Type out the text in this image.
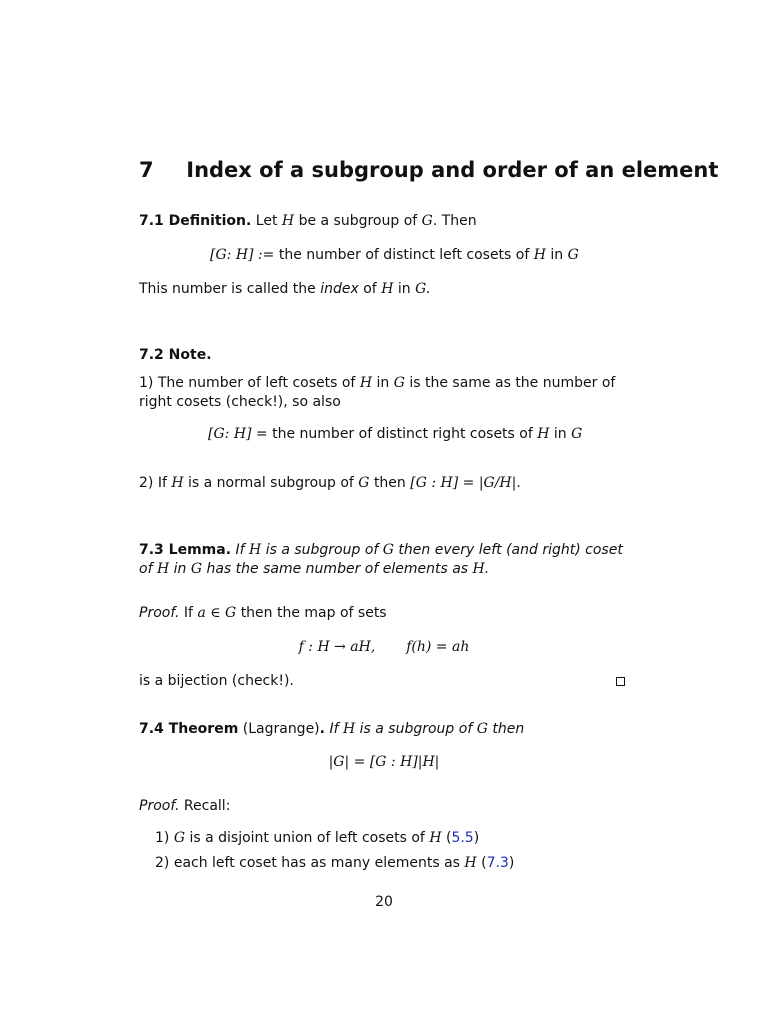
7 Index of a subgroup and order of an element
7.1 Definition. Let H be a subgroup of G. Then
[G: H] := the number of distinct left cosets of H in G
This number is called the index of H in G.
7.2 Note.
1) The number of left cosets of H in G is the same as the number of right cosets (check!), so also
[G: H] = the number of distinct right cosets of H in G
2) If H is a normal subgroup of G then [G : H] = |G/H|.
7.3 Lemma. If H is a subgroup of G then every left (and right) coset of H in G has the same number of elements as H.
Proof. If a ∈ G then the map of sets
f : H → aH, f(h) = ah
is a bijection (check!).
7.4 Theorem (Lagrange). If H is a subgroup of G then
|G| = [G : H]|H|
Proof. Recall:
1) G is a disjoint union of left cosets of H (5.5)
2) each left coset has as many elements as H (7.3)
20
